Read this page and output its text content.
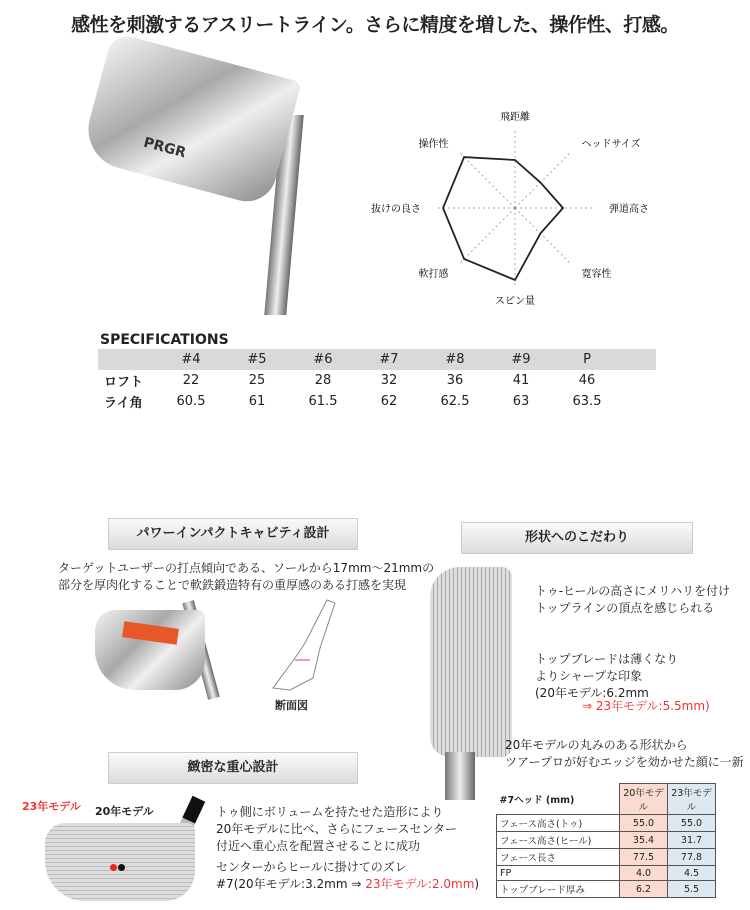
感性を刺激するアスリートライン。さらに精度を増した、操作性、打感。
PRGR
飛距離
ヘッドサイズ
弾道高さ
寛容性
スピン量
軟打感
抜けの良さ
操作性
SPECIFICATIONS
#4	#5	#6	#7	#8	#9	P
ロフト	22	25	28	32	36	41	46
ライ角	60.5	61	61.5	62	62.5	63	63.5
パワーインパクトキャビティ設計
ターゲットユーザーの打点傾向である、ソールから17mm～21mmの
部分を厚肉化することで軟鉄鍛造特有の重厚感のある打感を実現
断面図
形状へのこだわり
トゥ-ヒールの高さにメリハリを付け
トップラインの頂点を感じられる
トップブレードは薄くなり
よりシャープな印象
(20年モデル:6.2mm
⇒ 23年モデル:5.5mm)
20年モデルの丸みのある形状から
ツアープロが好むエッジを効かせた顔に一新
#7ヘッド (mm)	20年モデル	23年モデル
フェース高さ(トゥ)	55.0	55.0
フェース高さ(ヒール)	35.4	31.7
フェース長さ	77.5	77.8
FP	4.0	4.5
トップブレード厚み	6.2	5.5
緻密な重心設計
23年モデル 20年モデル	トゥ側にボリュームを持たせた造形により
20年モデルに比べ、さらにフェースセンター
付近へ重心点を配置させることに成功
センターからヒールに掛けてのズレ
#7(20年モデル:3.2mm ⇒ 23年モデル:2.0mm)
